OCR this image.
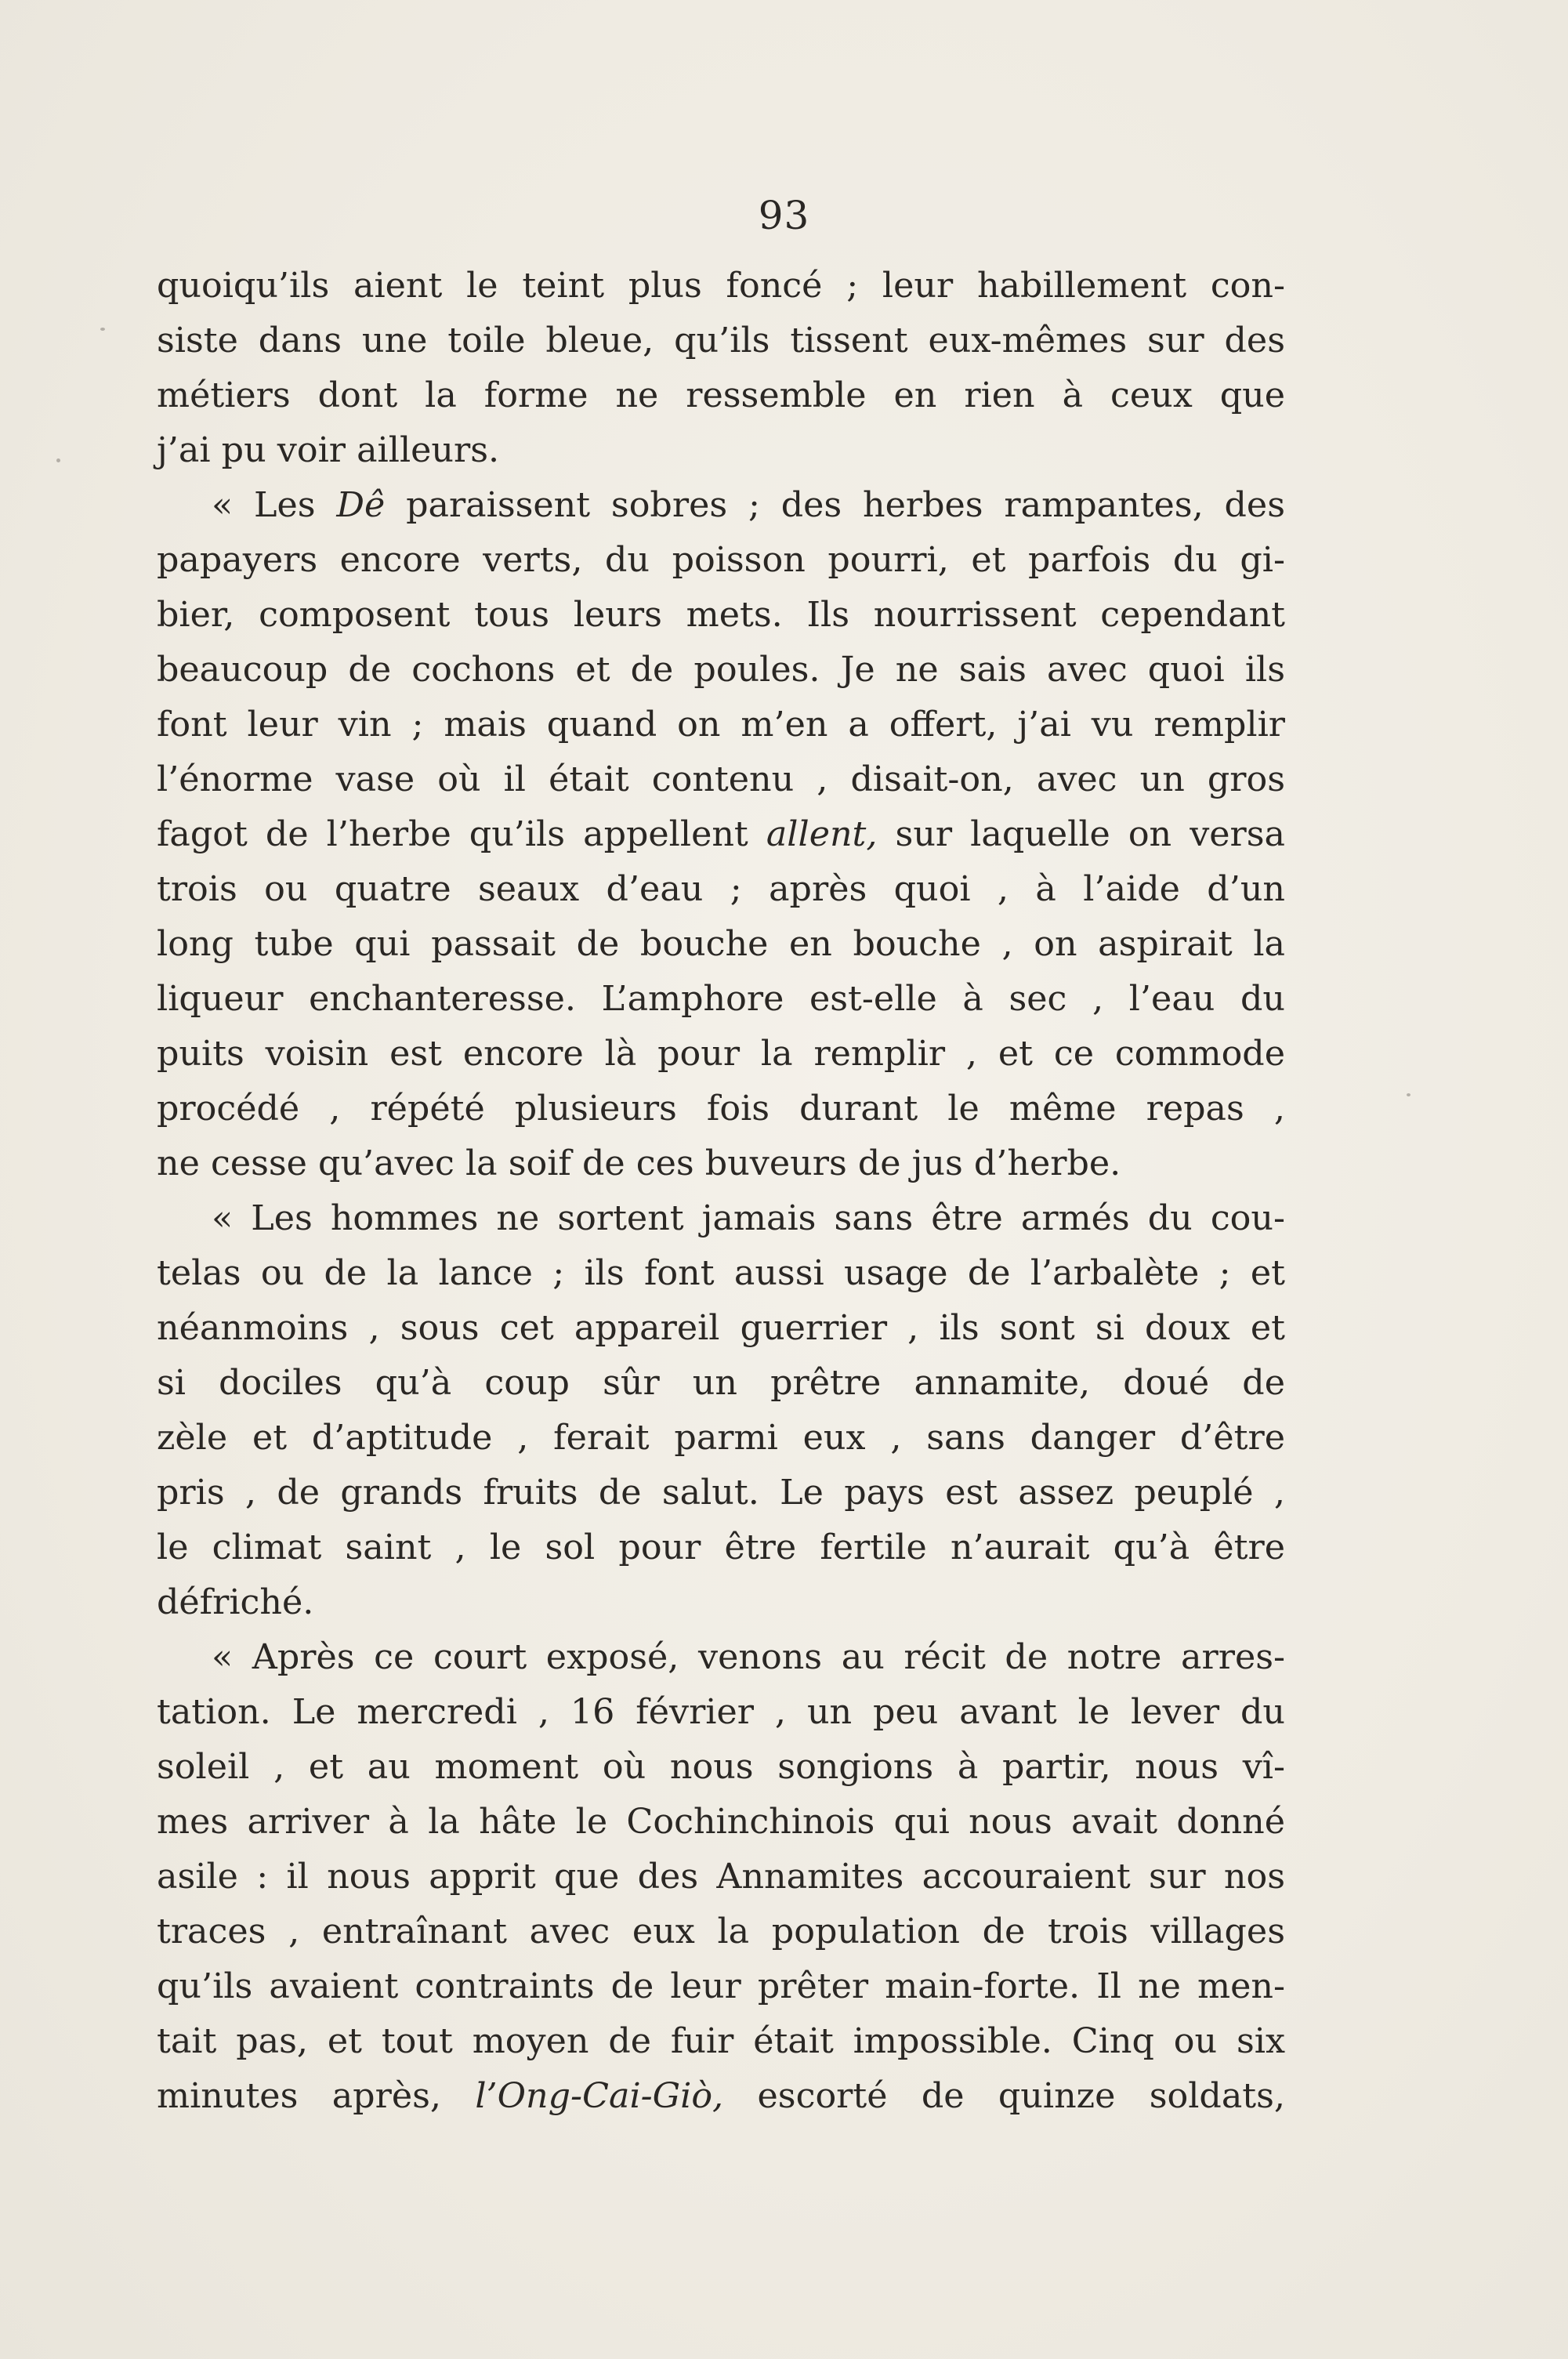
93
quoiqu’ils aient le teint plus foncé ; leur habillement con-
siste dans une toile bleue, qu’ils tissent eux-mêmes sur des
métiers dont la forme ne ressemble en rien à ceux que
j’ai pu voir ailleurs.
« Les Dê paraissent sobres ; des herbes rampantes, des
papayers encore verts, du poisson pourri, et parfois du gi-
bier, composent tous leurs mets. Ils nourrissent cependant
beaucoup de cochons et de poules. Je ne sais avec quoi ils
font leur vin ; mais quand on m’en a offert, j’ai vu remplir
l’énorme vase où il était contenu , disait-on, avec un gros
fagot de l’herbe qu’ils appellent allent, sur laquelle on versa
trois ou quatre seaux d’eau ; après quoi , à l’aide d’un
long tube qui passait de bouche en bouche , on aspirait la
liqueur enchanteresse. L’amphore est-elle à sec , l’eau du
puits voisin est encore là pour la remplir , et ce commode
procédé , répété plusieurs fois durant le même repas ,
ne cesse qu’avec la soif de ces buveurs de jus d’herbe.
« Les hommes ne sortent jamais sans être armés du cou-
telas ou de la lance ; ils font aussi usage de l’arbalète ; et
néanmoins , sous cet appareil guerrier , ils sont si doux et
si dociles qu’à coup sûr un prêtre annamite, doué de
zèle et d’aptitude , ferait parmi eux , sans danger d’être
pris , de grands fruits de salut. Le pays est assez peuplé ,
le climat saint , le sol pour être fertile n’aurait qu’à être
défriché.
« Après ce court exposé, venons au récit de notre arres-
tation. Le mercredi , 16 février , un peu avant le lever du
soleil , et au moment où nous songions à partir, nous vî-
mes arriver à la hâte le Cochinchinois qui nous avait donné
asile : il nous apprit que des Annamites accouraient sur nos
traces , entraînant avec eux la population de trois villages
qu’ils avaient contraints de leur prêter main-forte. Il ne men-
tait pas, et tout moyen de fuir était impossible. Cinq ou six
minutes après, l’Ong-Cai-Giò, escorté de quinze soldats,
